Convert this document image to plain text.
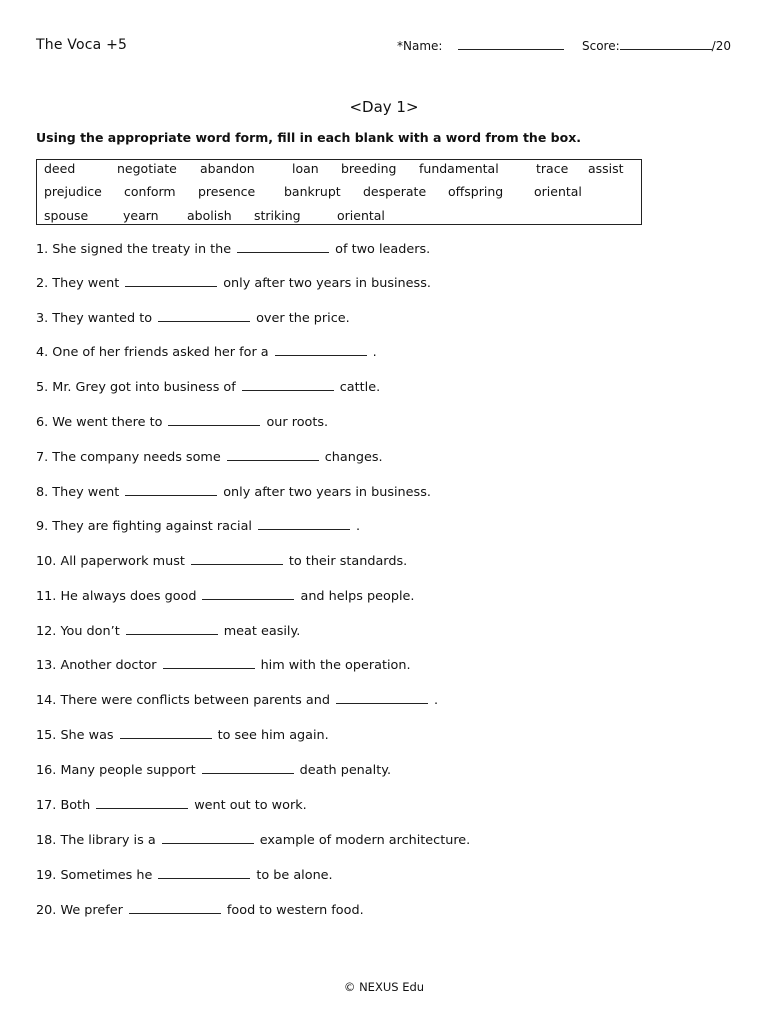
The Voca +5	*Name:	Score:	/20
<Day 1>
Using the appropriate word form, fill in each blank with a word from the box.
deed	negotiate abandon	loan breeding fundamental	trace assist
prejudice conform presence bankrupt desperate offspring oriental
spouse	yearn abolish striking	oriental
1. She signed the treaty in the	of two leaders.
2. They went	only after two years in business.
3. They wanted to	over the price.
4. One of her friends asked her for a	.
5. Mr. Grey got into business of	cattle.
6. We went there to	our roots.
7. The company needs some	changes.
8. They went	only after two years in business.
9. They are fighting against racial	.
10. All paperwork must	to their standards.
11. He always does good	and helps people.
12. You don’t	meat easily.
13. Another doctor	him with the operation.
14. There were conflicts between parents and	.
15. She was	to see him again.
16. Many people support	death penalty.
17. Both	went out to work.
18. The library is a	example of modern architecture.
19. Sometimes he	to be alone.
20. We prefer	food to western food.
© NEXUS Edu
